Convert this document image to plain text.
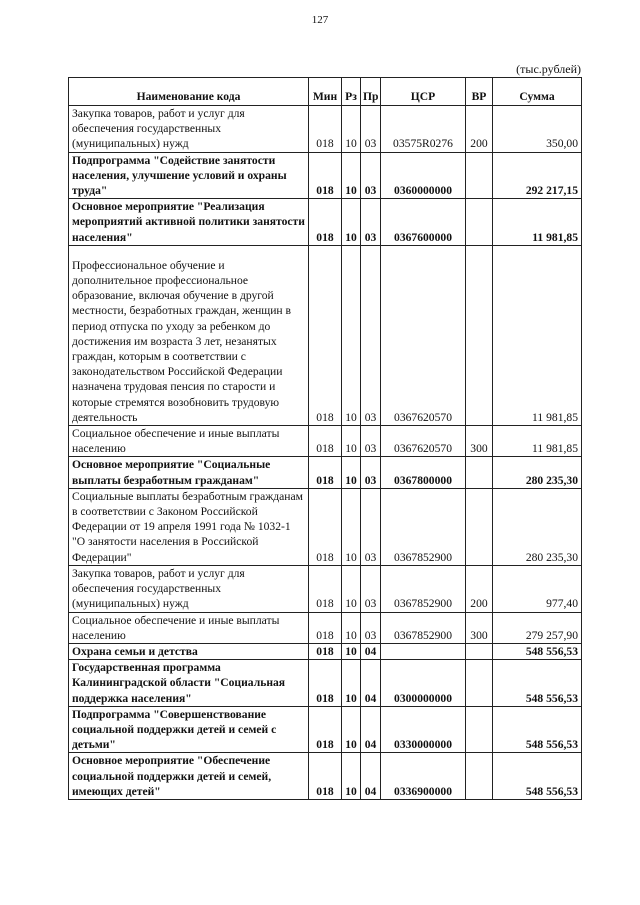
127
(тыс.рублей)
Наименование кода	Мин	Рз	Пр	ЦСР	ВР	Сумма
Закупка товаров, работ и услуг для обеспечения государственных (муниципальных) нужд	018	10	03	03575R0276	200	350,00
Подпрограмма "Содействие занятости населения, улучшение условий и охраны труда"	018	10	03	0360000000		292 217,15
Основное мероприятие "Реализация мероприятий активной политики занятости населения"	018	10	03	0367600000		11 981,85

Профессиональное обучение и дополнительное профессиональное образование, включая обучение в другой местности, безработных граждан, женщин в период отпуска по уходу за ребенком до достижения им возраста 3 лет, незанятых граждан, которым в соответствии с законодательством Российской Федерации назначена трудовая пенсия по старости и которые стремятся возобновить трудовую деятельность	018	10	03	0367620570		11 981,85
Социальное обеспечение и иные выплаты населению	018	10	03	0367620570	300	11 981,85
Основное мероприятие "Социальные выплаты безработным гражданам"	018	10	03	0367800000		280 235,30
Социальные выплаты безработным гражданам в соответствии с Законом Российской Федерации от 19 апреля 1991 года № 1032-1 "О занятости населения в Российской Федерации"	018	10	03	0367852900		280 235,30
Закупка товаров, работ и услуг для обеспечения государственных (муниципальных) нужд	018	10	03	0367852900	200	977,40
Социальное обеспечение и иные выплаты населению	018	10	03	0367852900	300	279 257,90
Охрана семьи и детства	018	10	04			548 556,53
Государственная программа Калининградской области "Социальная поддержка населения"	018	10	04	0300000000		548 556,53
Подпрограмма "Совершенствование социальной поддержки детей и семей с детьми"	018	10	04	0330000000		548 556,53
Основное мероприятие "Обеспечение социальной поддержки детей и семей, имеющих детей"	018	10	04	0336900000		548 556,53
